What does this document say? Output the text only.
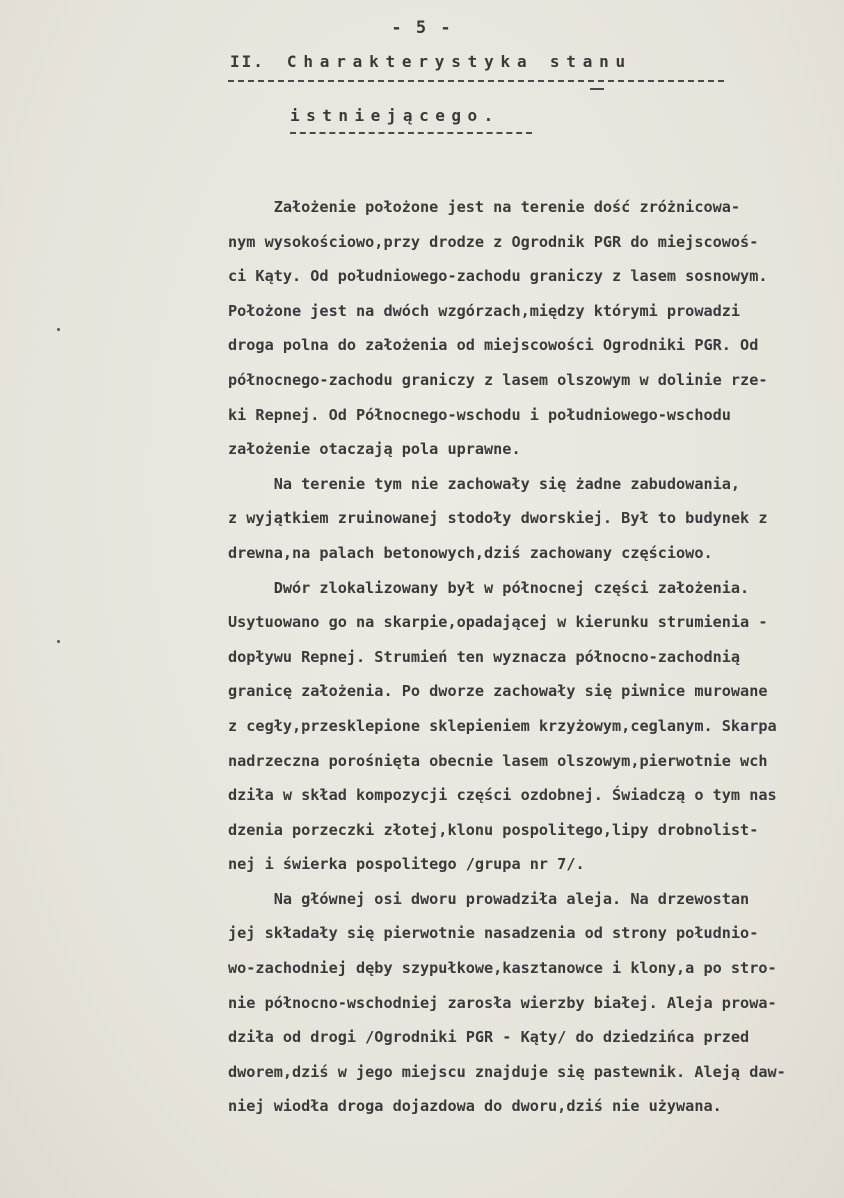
- 5 -
II. Charakterystyka stanu
istniejącego.
Założenie położone jest na terenie dość zróżnicowa-
nym wysokościowo,przy drodze z Ogrodnik PGR do miejscowoś-
ci Kąty. Od południowego-zachodu graniczy z lasem sosnowym.
Położone jest na dwóch wzgórzach,między którymi prowadzi
droga polna do założenia od miejscowości Ogrodniki PGR. Od
północnego-zachodu graniczy z lasem olszowym w dolinie rze-
ki Repnej. Od Północnego-wschodu i południowego-wschodu
założenie otaczają pola uprawne.
Na terenie tym nie zachowały się żadne zabudowania,
z wyjątkiem zruinowanej stodoły dworskiej. Był to budynek z
drewna,na palach betonowych,dziś zachowany częściowo.
Dwór zlokalizowany był w północnej części założenia.
Usytuowano go na skarpie,opadającej w kierunku strumienia -
dopływu Repnej. Strumień ten wyznacza północno-zachodnią
granicę założenia. Po dworze zachowały się piwnice murowane
z cegły,przesklepione sklepieniem krzyżowym,ceglanym. Skarpa
nadrzeczna porośnięta obecnie lasem olszowym,pierwotnie wch
dziła w skład kompozycji części ozdobnej. Świadczą o tym nas
dzenia porzeczki złotej,klonu pospolitego,lipy drobnolist-
nej i świerka pospolitego /grupa nr 7/.
Na głównej osi dworu prowadziła aleja. Na drzewostan
jej składały się pierwotnie nasadzenia od strony południo-
wo-zachodniej dęby szypułkowe,kasztanowce i klony,a po stro-
nie północno-wschodniej zarosła wierzby białej. Aleja prowa-
dziła od drogi /Ogrodniki PGR - Kąty/ do dziedzińca przed
dworem,dziś w jego miejscu znajduje się pastewnik. Aleją daw-
niej wiodła droga dojazdowa do dworu,dziś nie używana.
